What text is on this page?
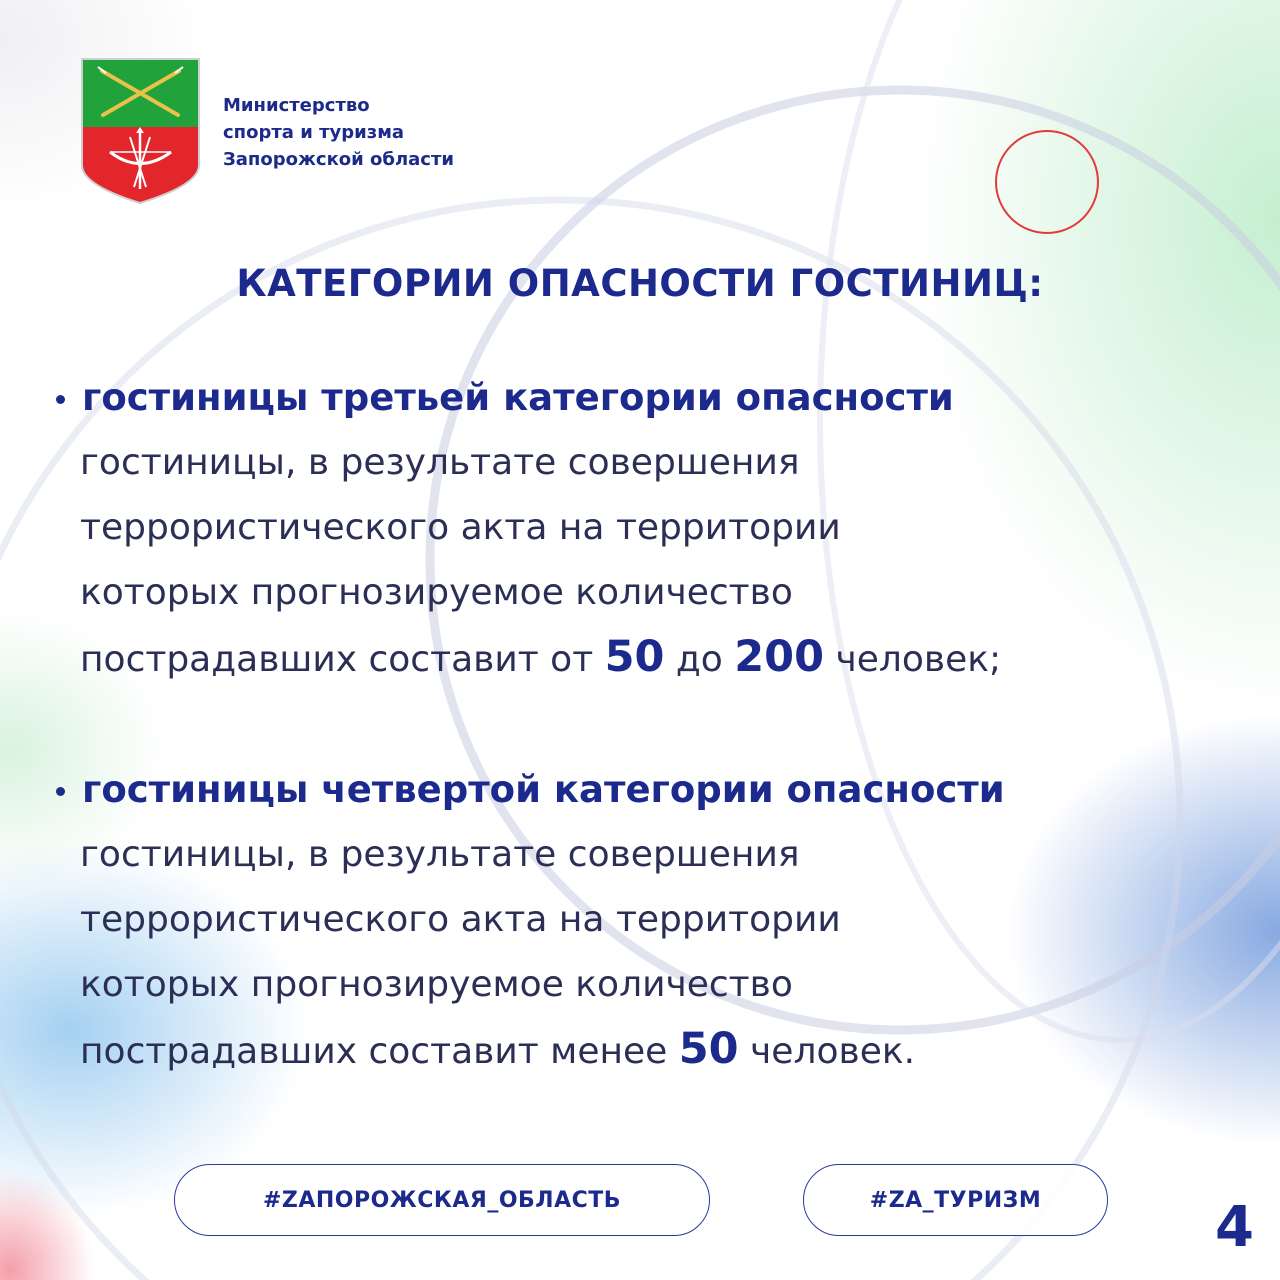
Министерство
спорта и туризма
Запорожской области
КАТЕГОРИИ ОПАСНОСТИ ГОСТИНИЦ:
гостиницы третьей категории опасности
гостиницы, в результате совершения
террористического акта на территории
которых прогнозируемое количество
пострадавших составит от 50 до 200 человек;
гостиницы четвертой категории опасности
гостиницы, в результате совершения
террористического акта на территории
которых прогнозируемое количество
пострадавших составит менее 50 человек.
#ZАПОРОЖСКАЯ_ОБЛАСТЬ	#ZА_ТУРИЗМ	4
